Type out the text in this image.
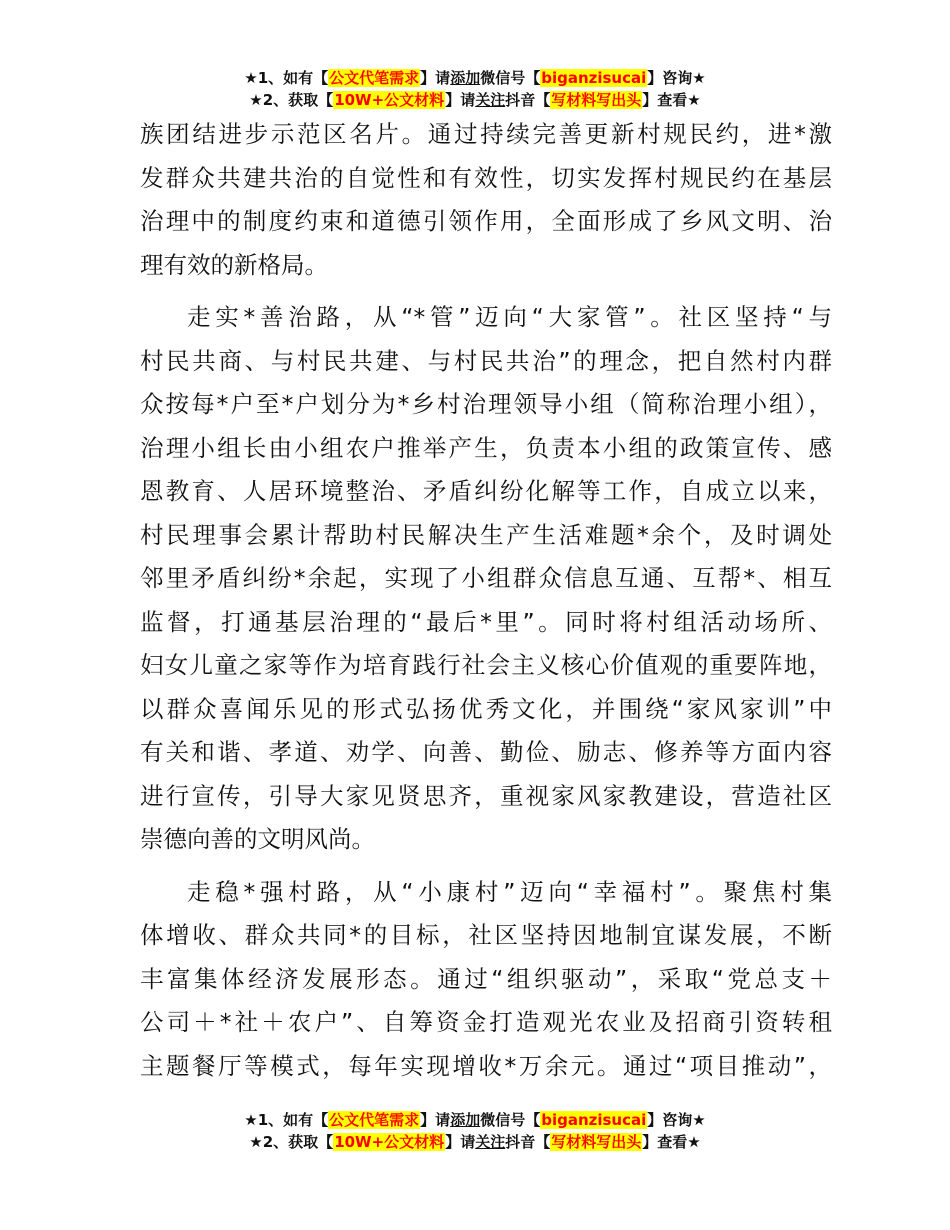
★1、如有【公文代笔需求】请添加微信号【biganzisucai】咨询★
★2、获取【10W+公文材料】请关注抖音【写材料写出头】查看★
族团结进步示范区名片。通过持续完善更新村规民约，进*激
发群众共建共治的自觉性和有效性，切实发挥村规民约在基层
治理中的制度约束和道德引领作用，全面形成了乡风文明、治
理有效的新格局。
走实*善治路，从“*管”迈向“大家管”。社区坚持“与
村民共商、与村民共建、与村民共治”的理念，把自然村内群
众按每*户至*户划分为*乡村治理领导小组（简称治理小组），
治理小组长由小组农户推举产生，负责本小组的政策宣传、感
恩教育、人居环境整治、矛盾纠纷化解等工作，自成立以来，
村民理事会累计帮助村民解决生产生活难题*余个，及时调处
邻里矛盾纠纷*余起，实现了小组群众信息互通、互帮*、相互
监督，打通基层治理的“最后*里”。同时将村组活动场所、
妇女儿童之家等作为培育践行社会主义核心价值观的重要阵地，
以群众喜闻乐见的形式弘扬优秀文化，并围绕“家风家训”中
有关和谐、孝道、劝学、向善、勤俭、励志、修养等方面内容
进行宣传，引导大家见贤思齐，重视家风家教建设，营造社区
崇德向善的文明风尚。
走稳*强村路，从“小康村”迈向“幸福村”。聚焦村集
体增收、群众共同*的目标，社区坚持因地制宜谋发展，不断
丰富集体经济发展形态。通过“组织驱动”，采取“党总支＋
公司＋*社＋农户”、自筹资金打造观光农业及招商引资转租
主题餐厅等模式，每年实现增收*万余元。通过“项目推动”，
★1、如有【公文代笔需求】请添加微信号【biganzisucai】咨询★
★2、获取【10W+公文材料】请关注抖音【写材料写出头】查看★
